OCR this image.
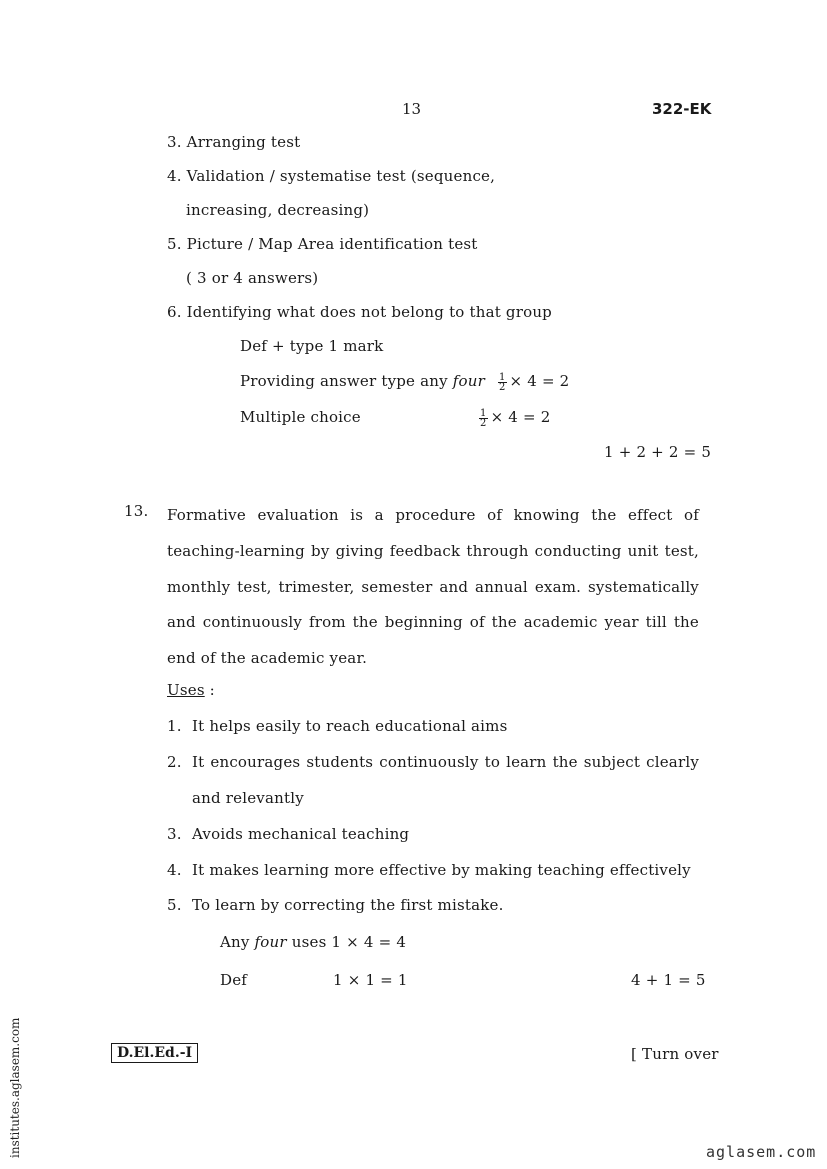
13	322-EK
3. Arranging test
4. Validation / systematise test (sequence,
increasing, decreasing)
5. Picture / Map Area identification test
( 3 or 4 answers)
6. Identifying what does not belong to that group
Def + type 1 mark
Providing answer type any four $\frac{1}{2} \times 4 = 2$
Multiple choice	$\frac{1}{2} \times 4 = 2$
1 + 2 + 2 = 5
13. Formative evaluation is a procedure of knowing the effect of teaching-learning by giving feedback through conducting unit test, monthly test, trimester, semester and annual exam. systematically and continuously from the beginning of the academic year till the end of the academic year.
Uses :
1. It helps easily to reach educational aims
2. It encourages students continuously to learn the subject clearly
and relevantly
3. Avoids mechanical teaching
4. It makes learning more effective by making teaching effectively
5. To learn by correcting the first mistake.
Any four uses 1 × 4 = 4
Def	1 × 1 = 1	4 + 1 = 5
D.El.Ed.-I	[ Turn over
institutes.aglasem.com	aglasem.com
